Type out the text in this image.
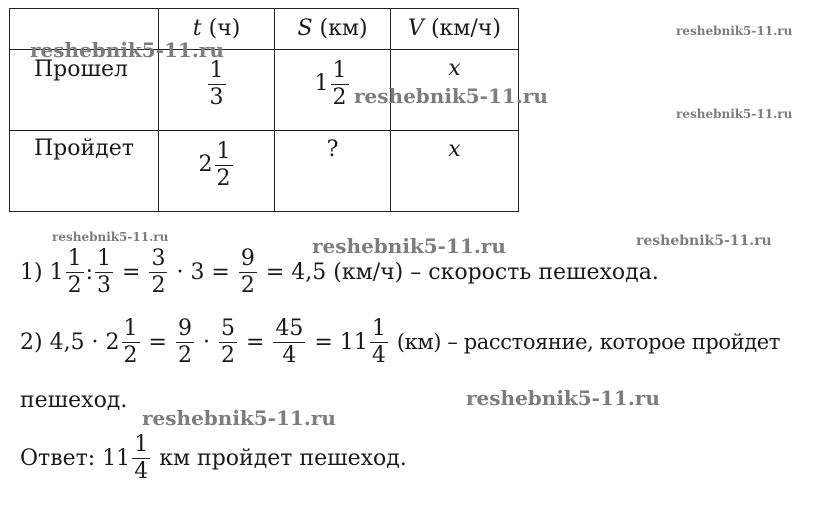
	t (ч)	S (км)	V (км/ч)
Прошел	$\frac{1}{3}$	$1 \frac{1}{2}$	x
Пройдет	$2 \frac{1}{2}$	?	x
1)
$1 \frac{1}{2}$ : $\frac{1}{3}$
=
$\frac{3}{2}$
· 3 =
$\frac{9}{2}$
= 4,5 (км/ч) – скорость пешехода.
2) $4,5 \cdot 2 \frac{1}{2}$
=
$\frac{9}{2}$
·
$\frac{5}{2}$
=
$\frac{45}{4}$
= $11 \frac{1}{4}$
(км) – расстояние, которое пройдет
пешеход.
Ответ: $11 \frac{1}{4}$
км пройдет пешеход.
reshebnik5-11.ru
reshebnik5-11.ru
reshebnik5-11.ru
reshebnik5-11.ru
reshebnik5-11.ru
reshebnik5-11.ru
reshebnik5-11.ru
reshebnik5-11.ru	reshebnik5-11.ru
